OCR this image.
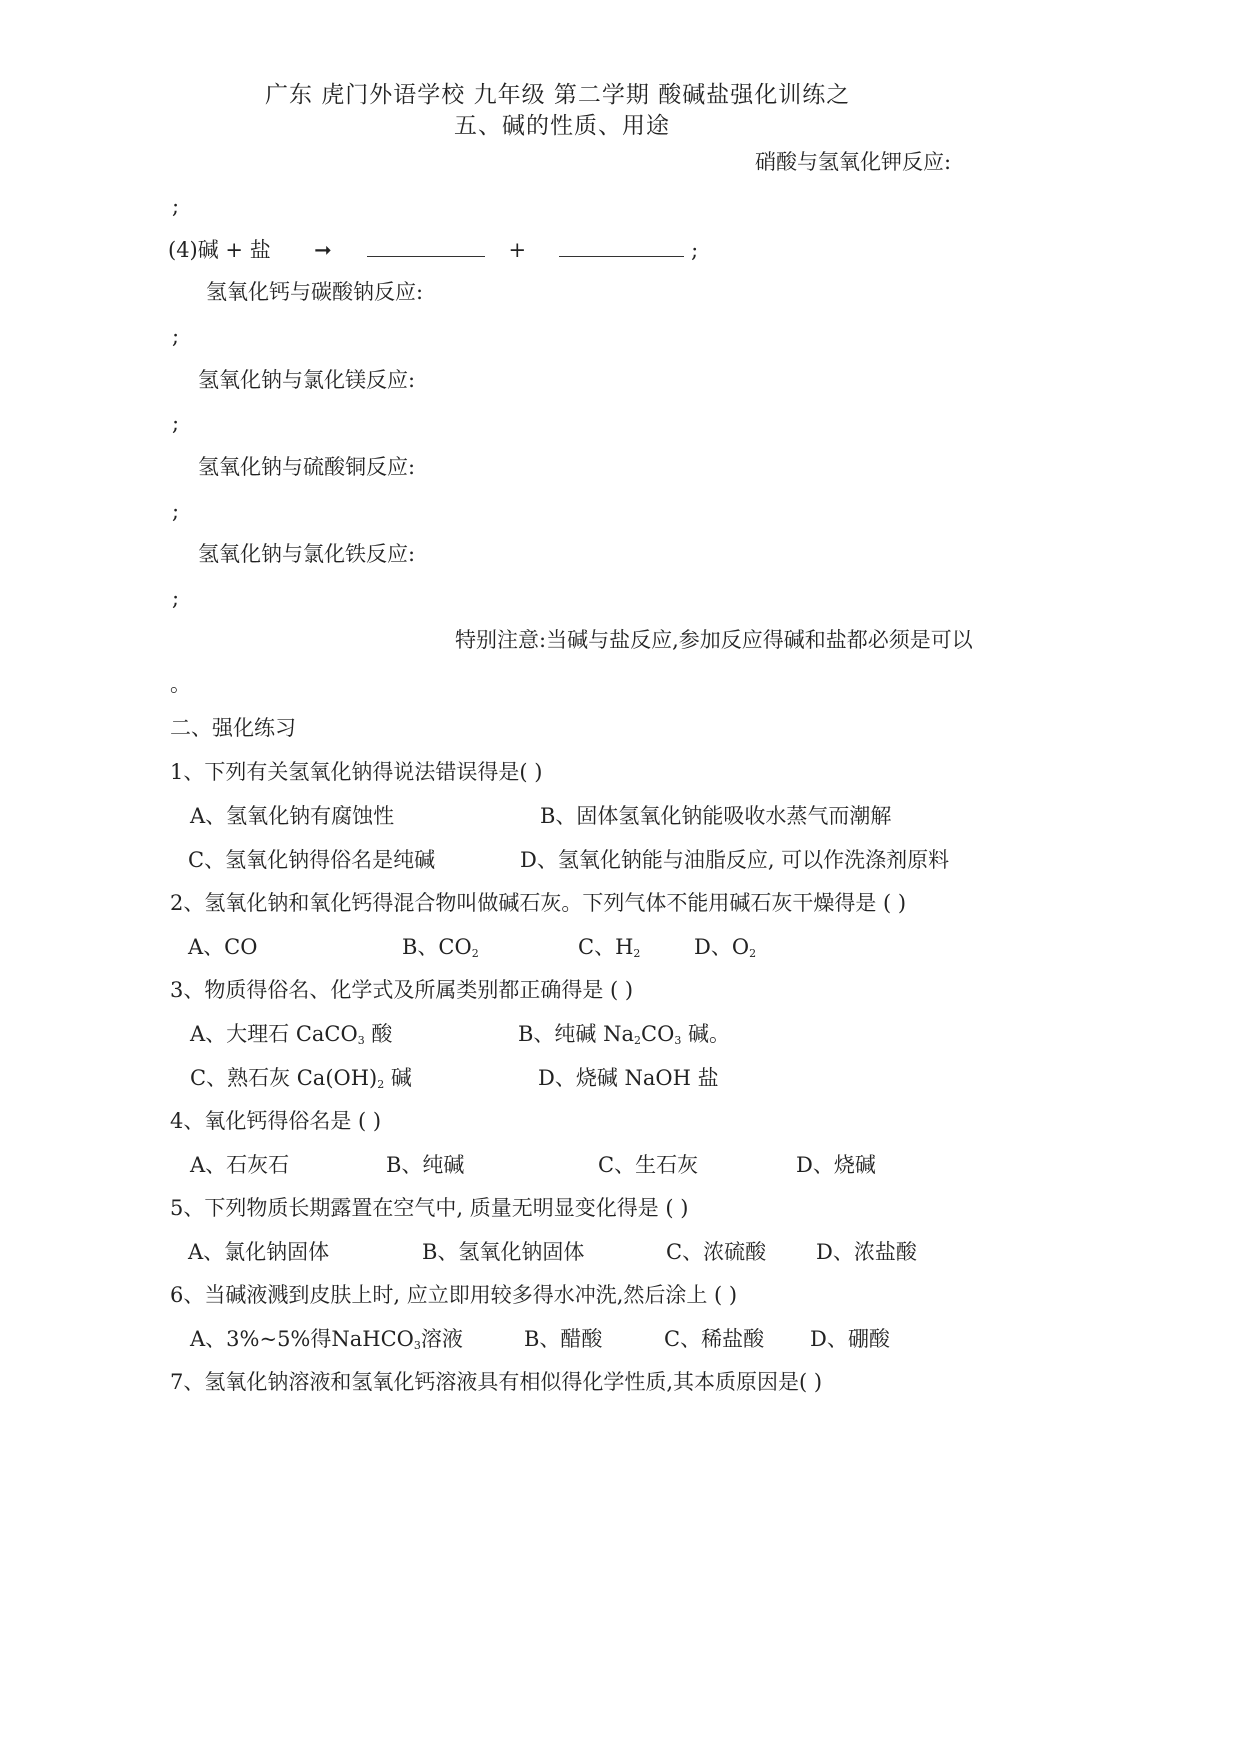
广东 虎门外语学校 九年级 第二学期 酸碱盐强化训练之
五、碱的性质、用途
硝酸与氢氧化钾反应:
;
(4)碱 + 盐 ➞	+	;
氢氧化钙与碳酸钠反应:
;
氢氧化钠与氯化镁反应:
;
氢氧化钠与硫酸铜反应:
;
氢氧化钠与氯化铁反应:
;
特别注意:当碱与盐反应,参加反应得碱和盐都必须是可以
。
二、强化练习
1、下列有关氢氧化钠得说法错误得是( )
A、氢氧化钠有腐蚀性	B、固体氢氧化钠能吸收水蒸气而潮解
C、氢氧化钠得俗名是纯碱	D、氢氧化钠能与油脂反应, 可以作洗涤剂原料
2、氢氧化钠和氧化钙得混合物叫做碱石灰。下列气体不能用碱石灰干燥得是 ( )
A、CO	B、$CO_2$	C、$H_2$	D、$O_2$
3、物质得俗名、化学式及所属类别都正确得是 ( )
A、大理石 CaCO$_3$ 酸	B、纯碱 $Na_2CO_3$ 碱。
C、熟石灰 $Ca(OH)_2$ 碱	D、烧碱 NaOH 盐
4、氧化钙得俗名是 ( )
A、石灰石	B、纯碱	C、生石灰	D、烧碱
5、下列物质长期露置在空气中, 质量无明显变化得是 ( )
A、氯化钠固体	B、氢氧化钠固体	C、浓硫酸 D、浓盐酸
6、当碱液溅到皮肤上时, 应立即用较多得水冲洗,然后涂上 ( )
A、3%~5%得NaHCO$_3$溶液	B、醋酸	C、稀盐酸 D、硼酸
7、氢氧化钠溶液和氢氧化钙溶液具有相似得化学性质,其本质原因是( )
